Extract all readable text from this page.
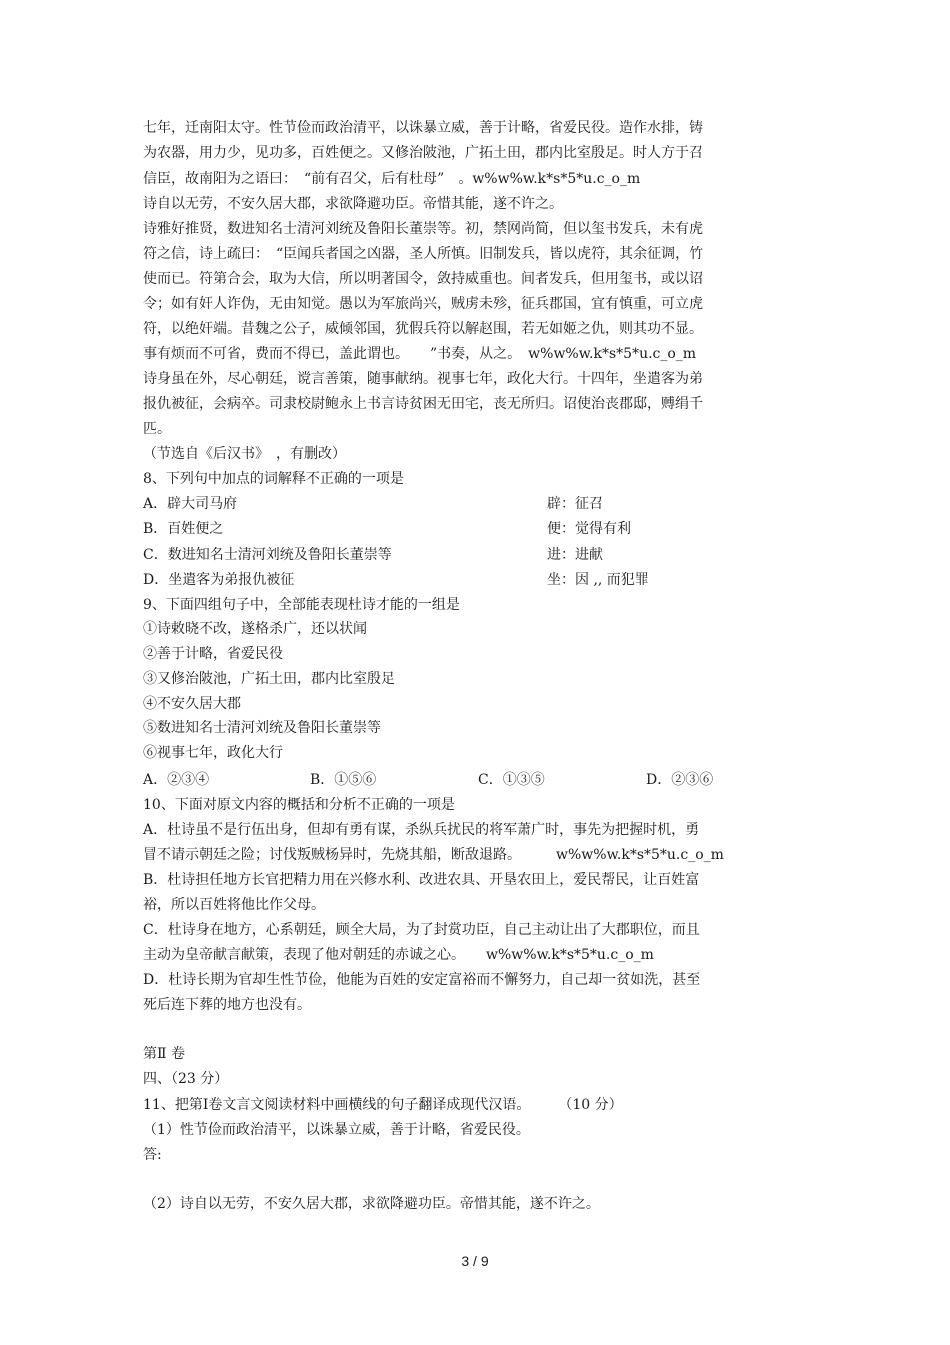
七年，迁南阳太守。性节俭而政治清平，以诛暴立威，善于计略，省爱民役。造作水排，铸
为农器，用力少，见功多，百姓便之。又修治陂池，广拓土田，郡内比室殷足。时人方于召
信臣，故南阳为之语曰：　“前有召父，后有杜母”　。w%w%w.k*s*5*u.c_o_m
诗自以无劳，不安久居大郡，求欲降避功臣。帝惜其能，遂不许之。
诗雅好推贤，数进知名士清河刘统及鲁阳长董崇等。初，禁网尚简，但以玺书发兵，未有虎
符之信，诗上疏曰：　“臣闻兵者国之凶器，圣人所慎。旧制发兵，皆以虎符，其余征调，竹
使而已。符第合会，取为大信，所以明著国令，敛持威重也。间者发兵，但用玺书，或以诏
令；如有奸人诈伪，无由知觉。愚以为军旅尚兴，贼虏未殄，征兵郡国，宜有慎重，可立虎
符，以绝奸端。昔魏之公子，威倾邻国，犹假兵符以解赵围，若无如姬之仇，则其功不显。
事有烦而不可省，费而不得已，盖此谓也。　　”书奏，从之。　w%w%w.k*s*5*u.c_o_m
诗身虽在外，尽心朝廷，谠言善策，随事献纳。视事七年，政化大行。十四年，坐遣客为弟
报仇被征，会病卒。司隶校尉鲍永上书言诗贫困无田宅，丧无所归。诏使治丧郡邸，赙绢千
匹。
（节选自《后汉书》　，有删改）
8、下列句中加点的词解释不正确的一项是
A．辟大司马府	辟：征召
B．百姓便之	便：觉得有利
C．数进知名士清河刘统及鲁阳长董崇等	进：进献
D．坐遣客为弟报仇被征	坐：因 ,, 而犯罪
9、下面四组句子中，全部能表现杜诗才能的一组是
①诗敕晓不改，遂格杀广，还以状闻
②善于计略，省爱民役
③又修治陂池，广拓土田，郡内比室殷足
④不安久居大郡
⑤数进知名士清河刘统及鲁阳长董崇等
⑥视事七年，政化大行
A．②③④	B．①⑤⑥	C．①③⑤	D．②③⑥
10、下面对原文内容的概括和分析不正确的一项是
A．杜诗虽不是行伍出身，但却有勇有谋，杀纵兵扰民的将军萧广时，事先为把握时机，勇
冒不请示朝廷之险；讨伐叛贼杨异时，先烧其船，断敌退路。　　　w%w%w.k*s*5*u.c_o_m
B．杜诗担任地方长官把精力用在兴修水利、改进农具、开垦农田上，爱民帮民，让百姓富
裕，所以百姓将他比作父母。
C．杜诗身在地方，心系朝廷，顾全大局，为了封赏功臣，自己主动让出了大郡职位，而且
主动为皇帝献言献策，表现了他对朝廷的赤诚之心。　　w%w%w.k*s*5*u.c_o_m
D．杜诗长期为官却生性节俭，他能为百姓的安定富裕而不懈努力，自己却一贫如洗，甚至
死后连下葬的地方也没有。
第Ⅱ 卷
四、（23 分）
11、把第Ⅰ卷文言文阅读材料中画横线的句子翻译成现代汉语。　　　（10 分）
（1）性节俭而政治清平，以诛暴立威，善于计略，省爱民役。
答:
（2）诗自以无劳，不安久居大郡，求欲降避功臣。帝惜其能，遂不许之。
3 / 9
